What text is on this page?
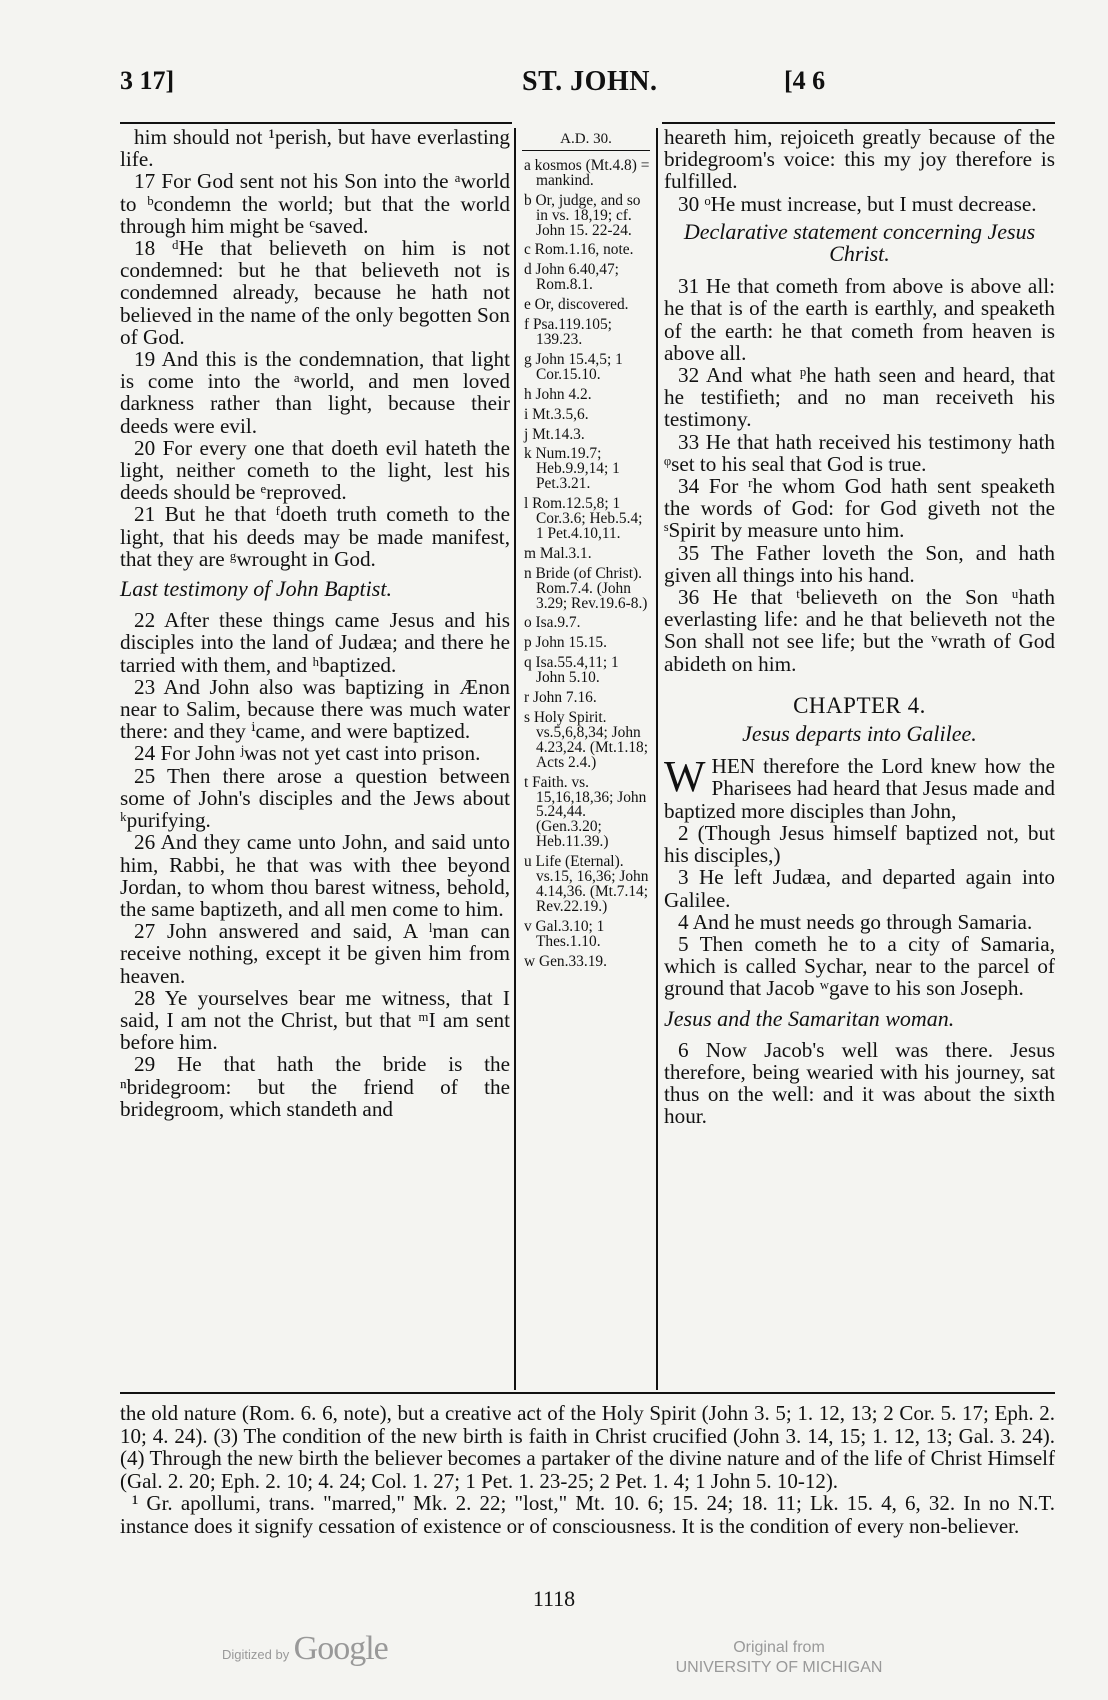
3 17]	ST. JOHN.	[4 6

him should not ¹perish, but have everlasting life.

17 For God sent not his Son into the ᵃworld to ᵇcondemn the world; but that the world through him might be ᶜsaved.

18 ᵈHe that believeth on him is not condemned: but he that believeth not is condemned already, because he hath not believed in the name of the only begotten Son of God.

19 And this is the condemnation, that light is come into the ᵃworld, and men loved darkness rather than light, because their deeds were evil.

20 For every one that doeth evil hateth the light, neither cometh to the light, lest his deeds should be ᵉreproved.

21 But he that ᶠdoeth truth cometh to the light, that his deeds may be made manifest, that they are ᵍwrought in God.

Last testimony of John Baptist.

22 After these things came Jesus and his disciples into the land of Judæa; and there he tarried with them, and ʰbaptized.

23 And John also was baptizing in Ænon near to Salim, because there was much water there: and they ⁱcame, and were baptized.

24 For John ʲwas not yet cast into prison.

25 Then there arose a question between some of John's disciples and the Jews about ᵏpurifying.

26 And they came unto John, and said unto him, Rabbi, he that was with thee beyond Jordan, to whom thou barest witness, behold, the same baptizeth, and all men come to him.

27 John answered and said, A ˡman can receive nothing, except it be given him from heaven.

28 Ye yourselves bear me witness, that I said, I am not the Christ, but that ᵐI am sent before him.

29 He that hath the bride is the ⁿbridegroom: but the friend of the bridegroom, which standeth and

A.D. 30.
a kosmos (Mt.4.8) = mankind.
b Or, judge, and so in vs. 18,19; cf. John 15. 22-24.
c Rom.1.16, note.
d John 6.40,47; Rom.8.1.
e Or, discovered.
f Psa.119.105; 139.23.
g John 15.4,5; 1 Cor.15.10.
h John 4.2.
i Mt.3.5,6.
j Mt.14.3.
k Num.19.7; Heb.9.9,14; 1 Pet.3.21.
l Rom.12.5,8; 1 Cor.3.6; Heb.5.4; 1 Pet.4.10,11.
m Mal.3.1.
n Bride (of Christ). Rom.7.4. (John 3.29; Rev.19.6-8.)
o Isa.9.7.
p John 15.15.
q Isa.55.4,11; 1 John 5.10.
r John 7.16.
s Holy Spirit. vs.5,6,8,34; John 4.23,24. (Mt.1.18; Acts 2.4.)
t Faith. vs. 15,16,18,36; John 5.24,44. (Gen.3.20; Heb.11.39.)
u Life (Eternal). vs.15, 16,36; John 4.14,36. (Mt.7.14; Rev.22.19.)
v Gal.3.10; 1 Thes.1.10.
w Gen.33.19.

heareth him, rejoiceth greatly because of the bridegroom's voice: this my joy therefore is fulfilled.

30 ᵒHe must increase, but I must decrease.

Declarative statement concerning Jesus Christ.

31 He that cometh from above is above all: he that is of the earth is earthly, and speaketh of the earth: he that cometh from heaven is above all.

32 And what ᵖhe hath seen and heard, that he testifieth; and no man receiveth his testimony.

33 He that hath received his testimony hath ᵠset to his seal that God is true.

34 For ʳhe whom God hath sent speaketh the words of God: for God giveth not the ˢSpirit by measure unto him.

35 The Father loveth the Son, and hath given all things into his hand.

36 He that ᵗbelieveth on the Son ᵘhath everlasting life: and he that believeth not the Son shall not see life; but the ᵛwrath of God abideth on him.

CHAPTER 4.

Jesus departs into Galilee.

WHEN therefore the Lord knew how the Pharisees had heard that Jesus made and baptized more disciples than John,

2 (Though Jesus himself baptized not, but his disciples,)

3 He left Judæa, and departed again into Galilee.

4 And he must needs go through Samaria.

5 Then cometh he to a city of Samaria, which is called Sychar, near to the parcel of ground that Jacob ʷgave to his son Joseph.

Jesus and the Samaritan woman.

6 Now Jacob's well was there. Jesus therefore, being wearied with his journey, sat thus on the well: and it was about the sixth hour.

the old nature (Rom. 6. 6, note), but a creative act of the Holy Spirit (John 3. 5; 1. 12, 13; 2 Cor. 5. 17; Eph. 2. 10; 4. 24). (3) The condition of the new birth is faith in Christ crucified (John 3. 14, 15; 1. 12, 13; Gal. 3. 24). (4) Through the new birth the believer becomes a partaker of the divine nature and of the life of Christ Himself (Gal. 2. 20; Eph. 2. 10; 4. 24; Col. 1. 27; 1 Pet. 1. 23-25; 2 Pet. 1. 4; 1 John 5. 10-12).

¹ Gr. apollumi, trans. "marred," Mk. 2. 22; "lost," Mt. 10. 6; 15. 24; 18. 11; Lk. 15. 4, 6, 32. In no N.T. instance does it signify cessation of existence or of consciousness. It is the condition of every non-believer.

1118
Digitized by Google	Original from
UNIVERSITY OF MICHIGAN
